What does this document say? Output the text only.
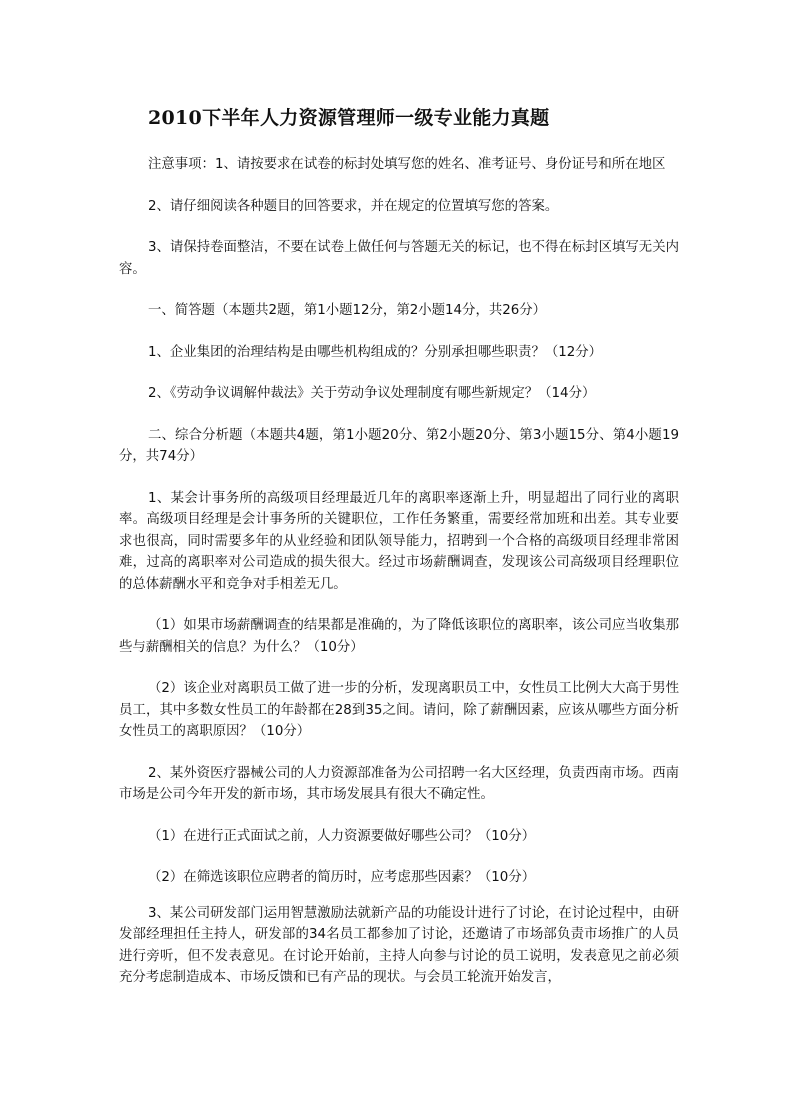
2010下半年人力资源管理师一级专业能力真题

注意事项：1、请按要求在试卷的标封处填写您的姓名、准考证号、身份证号和所在地区

2、请仔细阅读各种题目的回答要求，并在规定的位置填写您的答案。

3、请保持卷面整洁，不要在试卷上做任何与答题无关的标记，也不得在标封区填写无关内容。

一、简答题（本题共2题，第1小题12分，第2小题14分，共26分）

1、企业集团的治理结构是由哪些机构组成的？分别承担哪些职责？（12分）

2、《劳动争议调解仲裁法》关于劳动争议处理制度有哪些新规定？（14分）

二、综合分析题（本题共4题，第1小题20分、第2小题20分、第3小题15分、第4小题19分，共74分）

1、某会计事务所的高级项目经理最近几年的离职率逐渐上升，明显超出了同行业的离职率。高级项目经理是会计事务所的关键职位，工作任务繁重，需要经常加班和出差。其专业要求也很高，同时需要多年的从业经验和团队领导能力，招聘到一个合格的高级项目经理非常困难，过高的离职率对公司造成的损失很大。经过市场薪酬调查，发现该公司高级项目经理职位的总体薪酬水平和竞争对手相差无几。

（1）如果市场薪酬调查的结果都是准确的，为了降低该职位的离职率，该公司应当收集那些与薪酬相关的信息？为什么？（10分）

（2）该企业对离职员工做了进一步的分析，发现离职员工中，女性员工比例大大高于男性员工，其中多数女性员工的年龄都在28到35之间。请问，除了薪酬因素，应该从哪些方面分析女性员工的离职原因？（10分）

2、某外资医疗器械公司的人力资源部准备为公司招聘一名大区经理，负责西南市场。西南市场是公司今年开发的新市场，其市场发展具有很大不确定性。

（1）在进行正式面试之前，人力资源要做好哪些公司？（10分）

（2）在筛选该职位应聘者的简历时，应考虑那些因素？（10分）

3、某公司研发部门运用智慧激励法就新产品的功能设计进行了讨论，在讨论过程中，由研发部经理担任主持人，研发部的34名员工都参加了讨论，还邀请了市场部负责市场推广的人员进行旁听，但不发表意见。在讨论开始前，主持人向参与讨论的员工说明，发表意见之前必须充分考虑制造成本、市场反馈和已有产品的现状。与会员工轮流开始发言，
